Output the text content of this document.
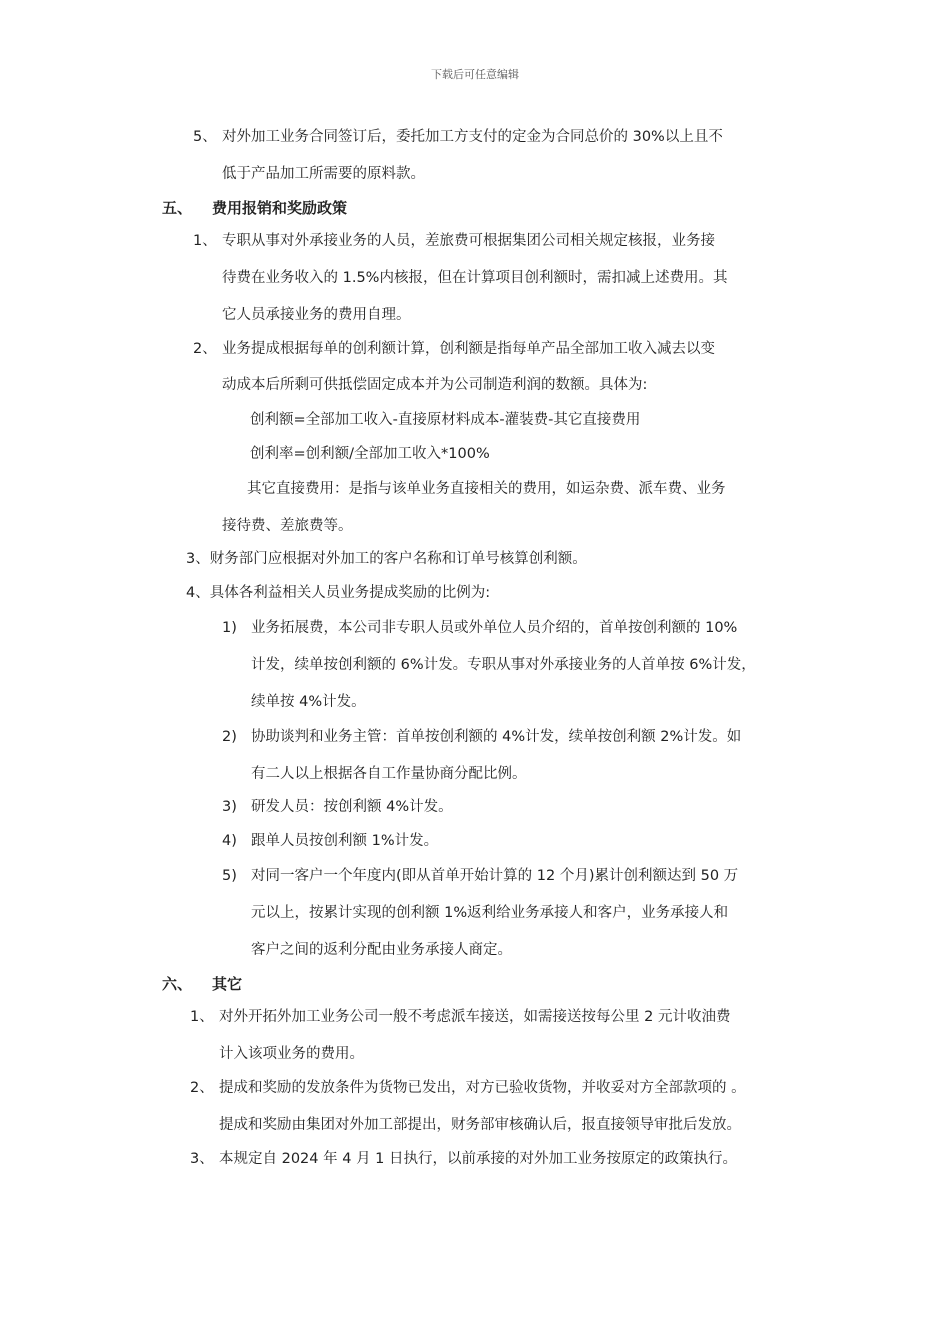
下载后可任意编辑
5、 对外加工业务合同签订后，委托加工方支付的定金为合同总价的 30%以上且不
低于产品加工所需要的原料款。
五、 费用报销和奖励政策
1、 专职从事对外承接业务的人员，差旅费可根据集团公司相关规定核报，业务接
待费在业务收入的 1.5%内核报，但在计算项目创利额时，需扣减上述费用。其
它人员承接业务的费用自理。
2、 业务提成根据每单的创利额计算，创利额是指每单产品全部加工收入减去以变
动成本后所剩可供抵偿固定成本并为公司制造利润的数额。具体为:
创利额=全部加工收入-直接原材料成本-灌装费-其它直接费用
创利率=创利额/全部加工收入*100%
其它直接费用：是指与该单业务直接相关的费用，如运杂费、派车费、业务
接待费、差旅费等。
3、财务部门应根据对外加工的客户名称和订单号核算创利额。
4、具体各利益相关人员业务提成奖励的比例为:
1) 业务拓展费，本公司非专职人员或外单位人员介绍的，首单按创利额的 10%
计发，续单按创利额的 6%计发。专职从事对外承接业务的人首单按 6%计发，
续单按 4%计发。
2) 协助谈判和业务主管：首单按创利额的 4%计发，续单按创利额 2%计发。如
有二人以上根据各自工作量协商分配比例。
3) 研发人员：按创利额 4%计发。
4) 跟单人员按创利额 1%计发。
5) 对同一客户一个年度内(即从首单开始计算的 12 个月)累计创利额达到 50 万
元以上，按累计实现的创利额 1%返利给业务承接人和客户，业务承接人和
客户之间的返利分配由业务承接人商定。
六、 其它
1、 对外开拓外加工业务公司一般不考虑派车接送，如需接送按每公里 2 元计收油费
计入该项业务的费用。
2、 提成和奖励的发放条件为货物已发出，对方已验收货物，并收妥对方全部款项的 。
提成和奖励由集团对外加工部提出，财务部审核确认后，报直接领导审批后发放。
3、 本规定自 2024 年 4 月 1 日执行，以前承接的对外加工业务按原定的政策执行。
